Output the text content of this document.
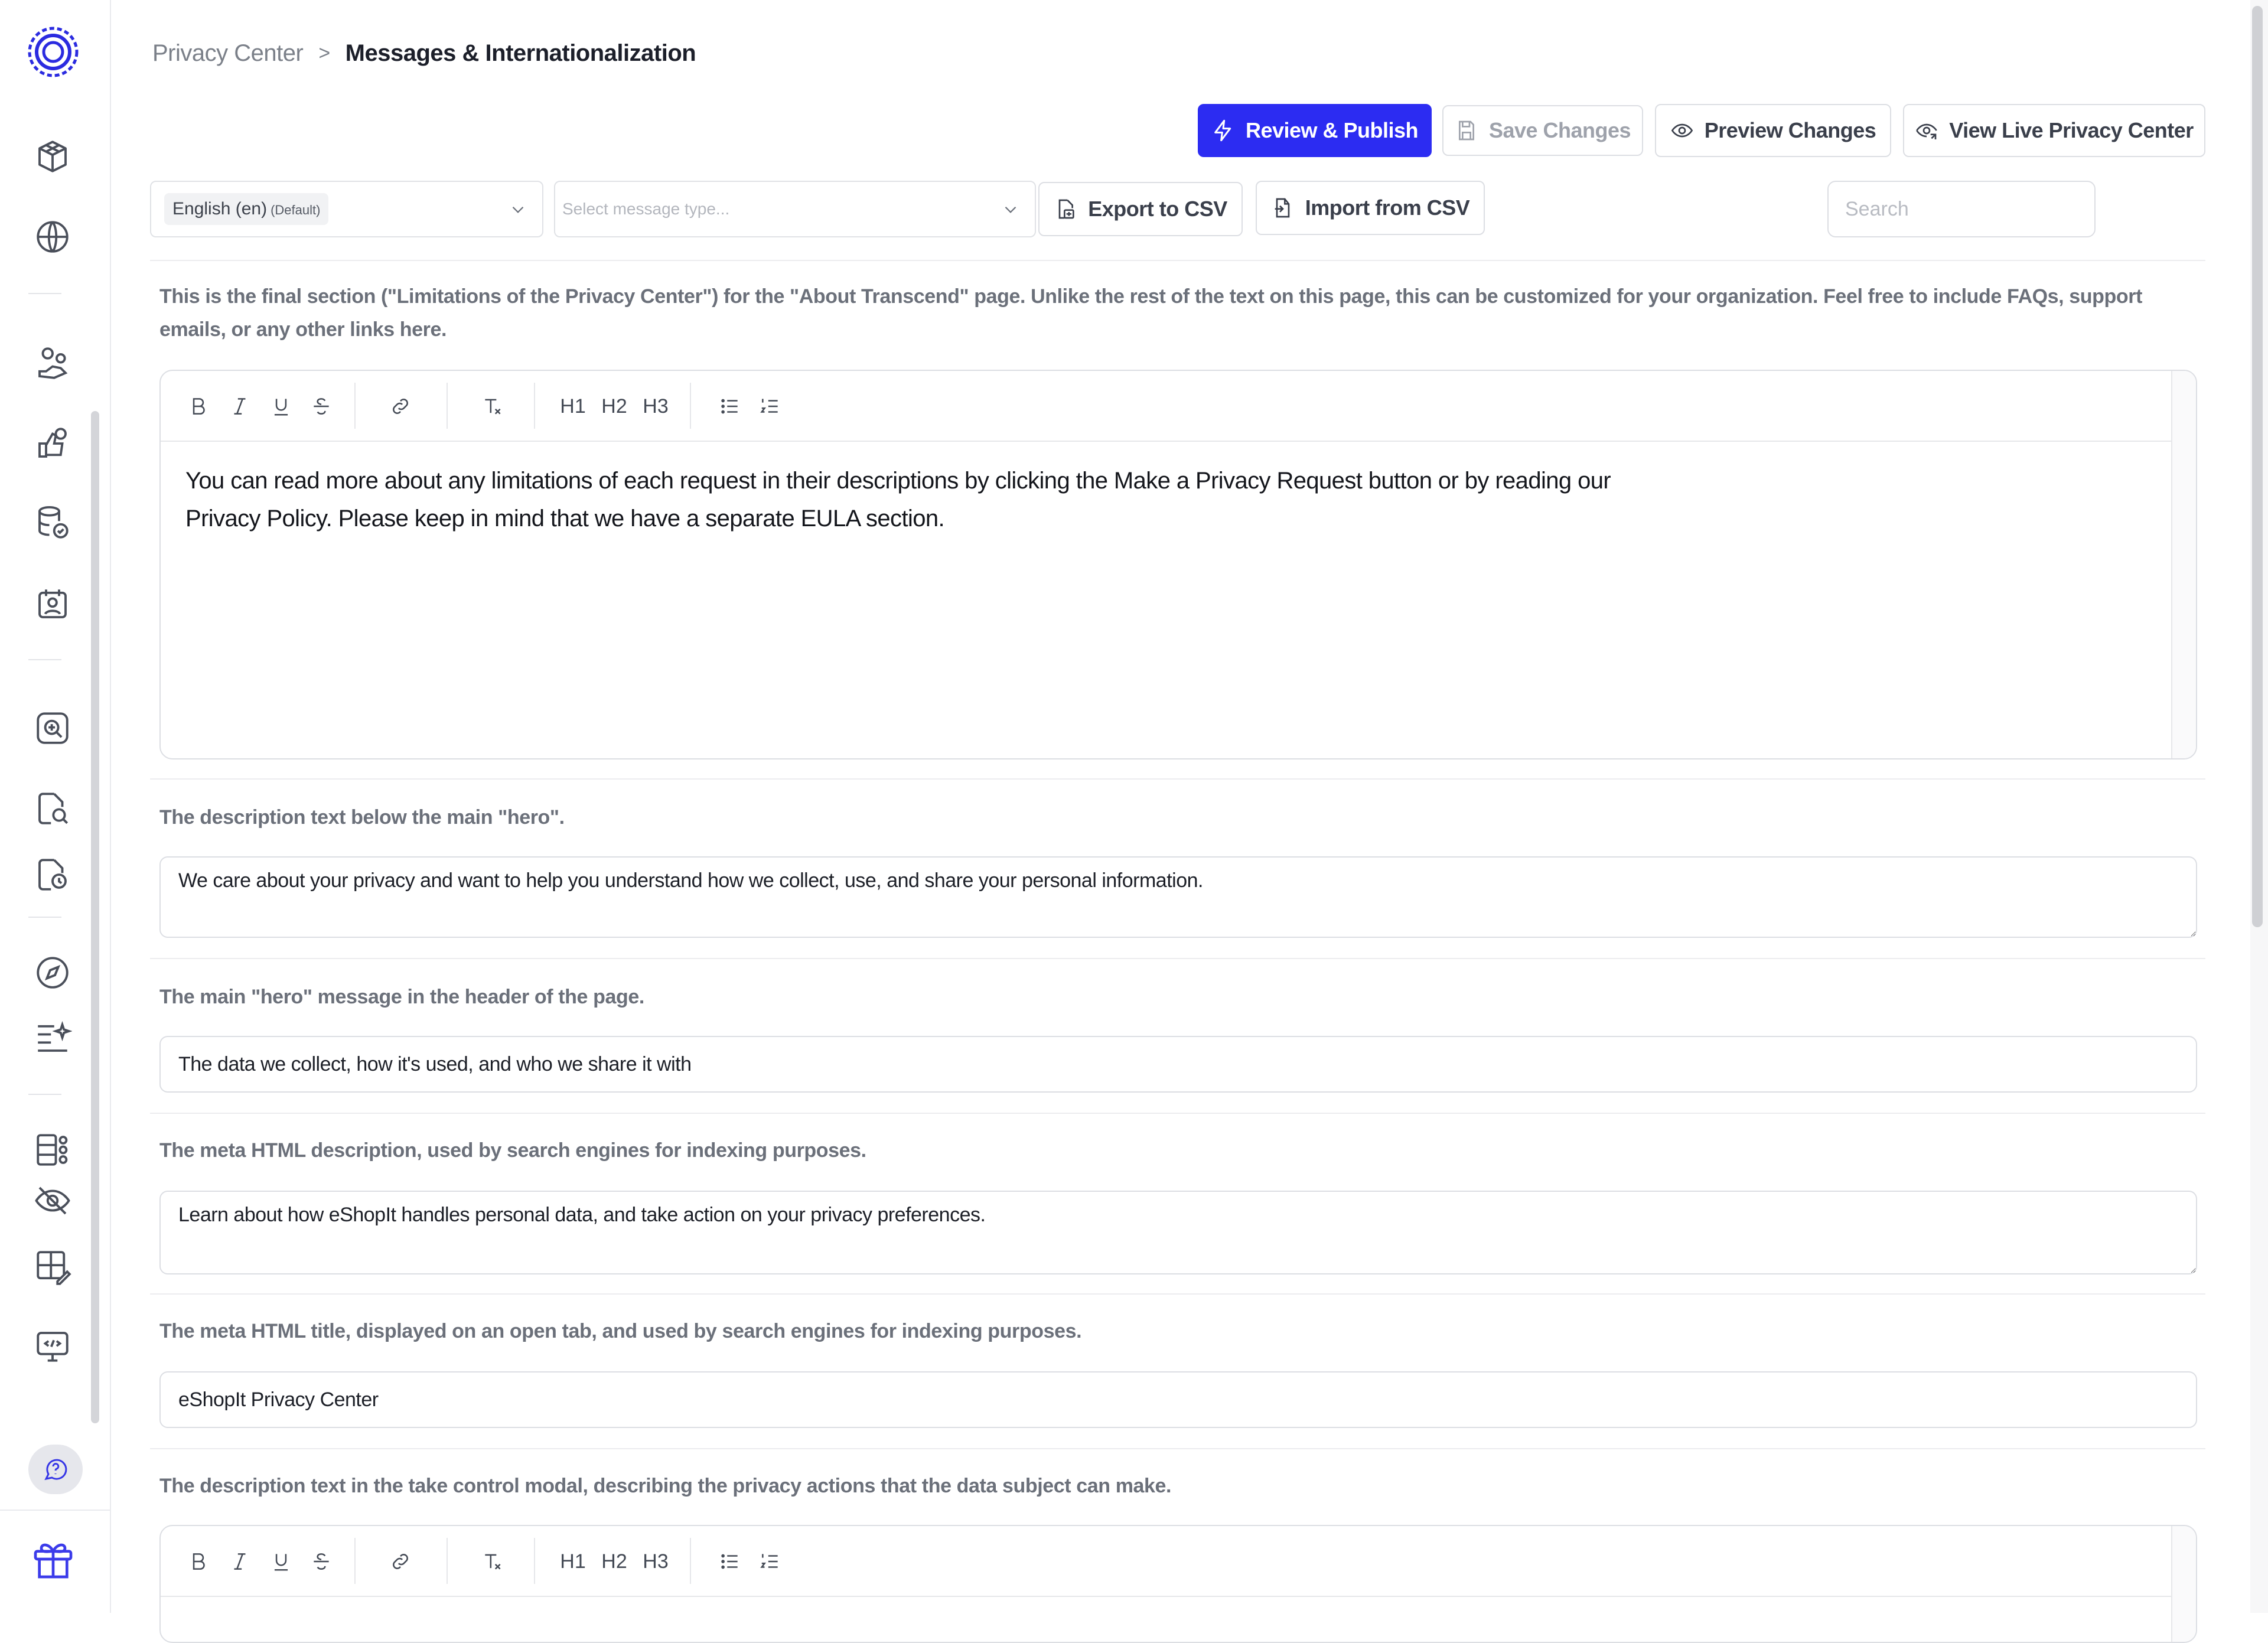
Privacy Center > Messages & Internationalization
Review & Publish	Save Changes	Preview Changes	View Live Privacy Center
English (en) (Default)	Select message type...	Export to CSV	Import from CSV
Search
This is the final section ("Limitations of the Privacy Center") for the "About Transcend" page. Unlike the rest of the text on this page, this can be customized for your organization. Feel free to include FAQs, support emails, or any other links here.
H1 H2 H3
You can read more about any limitations of each request in their descriptions by clicking the Make a Privacy Request button or by reading our Privacy Policy. Please keep in mind that we have a separate EULA section.
The description text below the main "hero".
We care about your privacy and want to help you understand how we collect, use, and share your personal information.
The main "hero" message in the header of the page.
The data we collect, how it's used, and who we share it with
The meta HTML description, used by search engines for indexing purposes.
Learn about how eShopIt handles personal data, and take action on your privacy preferences.
The meta HTML title, displayed on an open tab, and used by search engines for indexing purposes.
eShopIt Privacy Center
The description text in the take control modal, describing the privacy actions that the data subject can make.
H1 H2 H3
